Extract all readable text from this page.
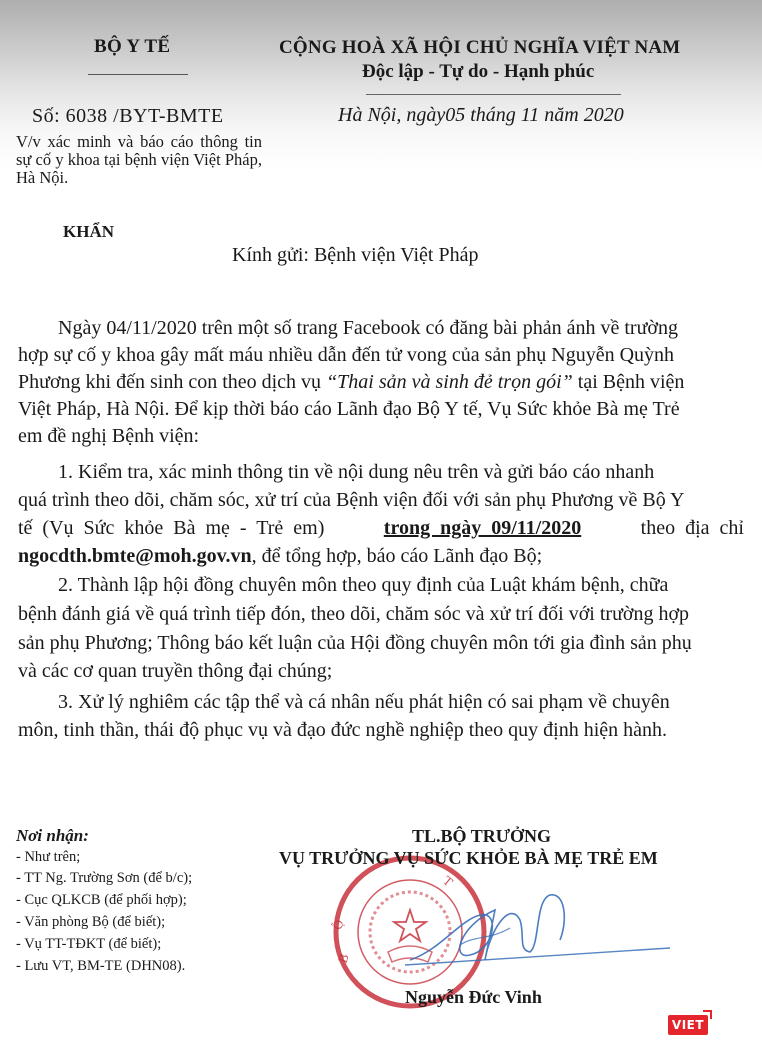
BỘ Y TẾ
Số: 6038 /BYT-BMTE
V/v xác minh và báo cáo thông tin sự cố y khoa tại bệnh viện Việt Pháp, Hà Nội.
CỘNG HOÀ XÃ HỘI CHỦ NGHĨA VIỆT NAM
Độc lập - Tự do - Hạnh phúc
Hà Nội, ngày05 tháng 11 năm 2020
KHẨN
Kính gửi: Bệnh viện Việt Pháp
Ngày 04/11/2020 trên một số trang Facebook có đăng bài phản ánh về trường
hợp sự cố y khoa gây mất máu nhiều dẫn đến tử vong của sản phụ Nguyễn Quỳnh
Phương khi đến sinh con theo dịch vụ “Thai sản và sinh đẻ trọn gói” tại Bệnh viện
Việt Pháp, Hà Nội. Để kịp thời báo cáo Lãnh đạo Bộ Y tế, Vụ Sức khỏe Bà mẹ Trẻ
em đề nghị Bệnh viện:
1. Kiểm tra, xác minh thông tin về nội dung nêu trên và gửi báo cáo nhanh
quá trình theo dõi, chăm sóc, xử trí của Bệnh viện đối với sản phụ Phương về Bộ Y
tế  (Vụ  Sức  khỏe  Bà  mẹ  -  Trẻ  em)	trong  ngày  09/11/2020	theo  địa  chỉ
ngocdth.bmte@moh.gov.vn, để tổng hợp, báo cáo Lãnh đạo Bộ;
2. Thành lập hội đồng chuyên môn theo quy định của Luật khám bệnh, chữa
bệnh đánh giá về quá trình tiếp đón, theo dõi, chăm sóc và xử trí đối với trường hợp
sản phụ Phương; Thông báo kết luận của Hội đồng chuyên môn tới gia đình sản phụ
và các cơ quan truyền thông đại chúng;
3. Xử lý nghiêm các tập thể và cá nhân nếu phát hiện có sai phạm về chuyên
môn, tinh thần, thái độ phục vụ và đạo đức nghề nghiệp theo quy định hiện hành.
Nơi nhận:
- Như trên;
- TT Ng. Trường Sơn (để b/c);
- Cục QLKCB (để phối hợp);
- Văn phòng Bộ (để biết);
- Vụ TT-TĐKT (để biết);
- Lưu VT, BM-TE (DHN08).	B
Ộ
T
TL.BỘ TRƯỞNG
VỤ TRƯỞNG VỤ SỨC KHỎE BÀ MẸ TRẺ EM
Nguyễn Đức Vinh
VIET
